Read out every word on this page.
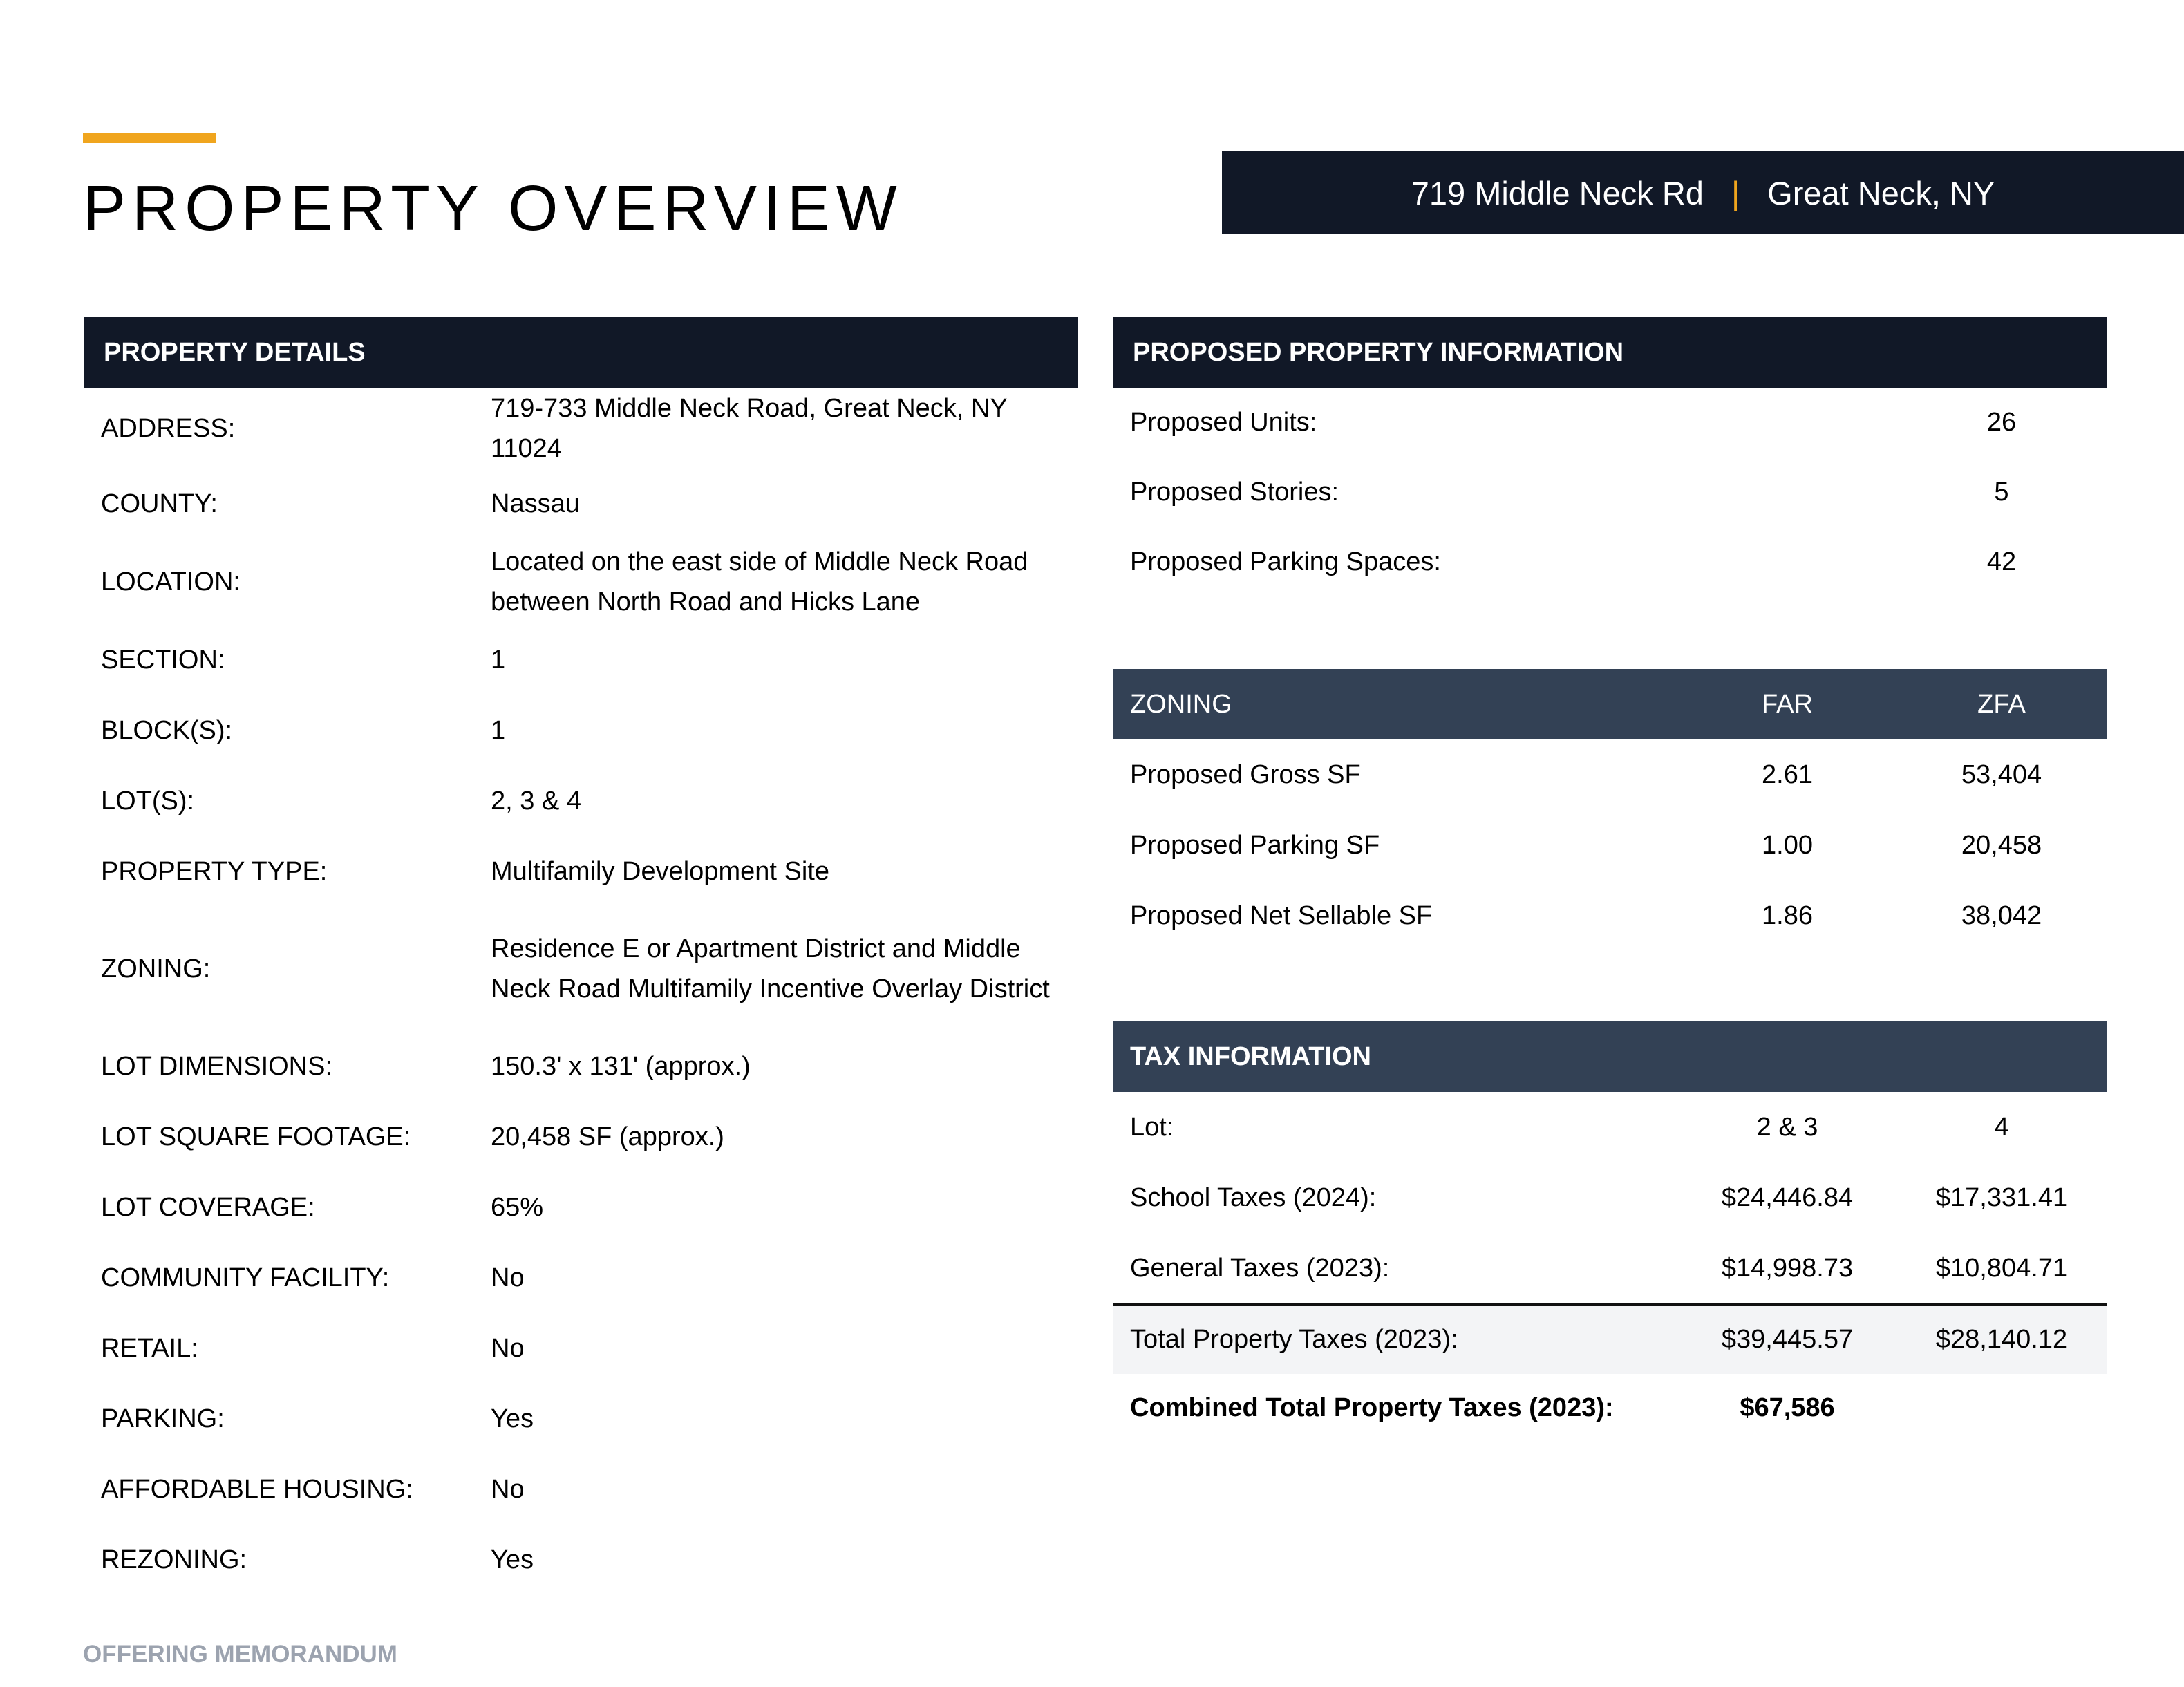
PROPERTY OVERVIEW	719 Middle Neck Rd | Great Neck, NY
PROPERTY DETAILS
ADDRESS:
719-733 Middle Neck Road, Great Neck, NY 11024
COUNTY:	Nassau
LOCATION:
Located on the east side of Middle Neck Road between North Road and Hicks Lane
SECTION:	1
BLOCK(S):	1
LOT(S):	2, 3 & 4
PROPERTY TYPE:	Multifamily Development Site
ZONING:
Residence E or Apartment District and Middle Neck Road Multifamily Incentive Overlay District
LOT DIMENSIONS:	150.3' x 131' (approx.)
LOT SQUARE FOOTAGE:	20,458 SF (approx.)
LOT COVERAGE:	65%
COMMUNITY FACILITY:	No
RETAIL:	No
PARKING:	Yes
AFFORDABLE HOUSING:	No
REZONING:	Yes
PROPOSED PROPERTY INFORMATION
Proposed Units:	26
Proposed Stories:	5
Proposed Parking Spaces:	42
ZONING	FAR	ZFA
Proposed Gross SF	2.61	53,404
Proposed Parking SF	1.00	20,458
Proposed Net Sellable SF	1.86	38,042
TAX INFORMATION
Lot:	2 & 3	4
School Taxes (2024):	$24,446.84	$17,331.41
General Taxes (2023):	$14,998.73	$10,804.71
Total Property Taxes (2023):	$39,445.57	$28,140.12
Combined Total Property Taxes (2023):	$67,586
OFFERING MEMORANDUM
